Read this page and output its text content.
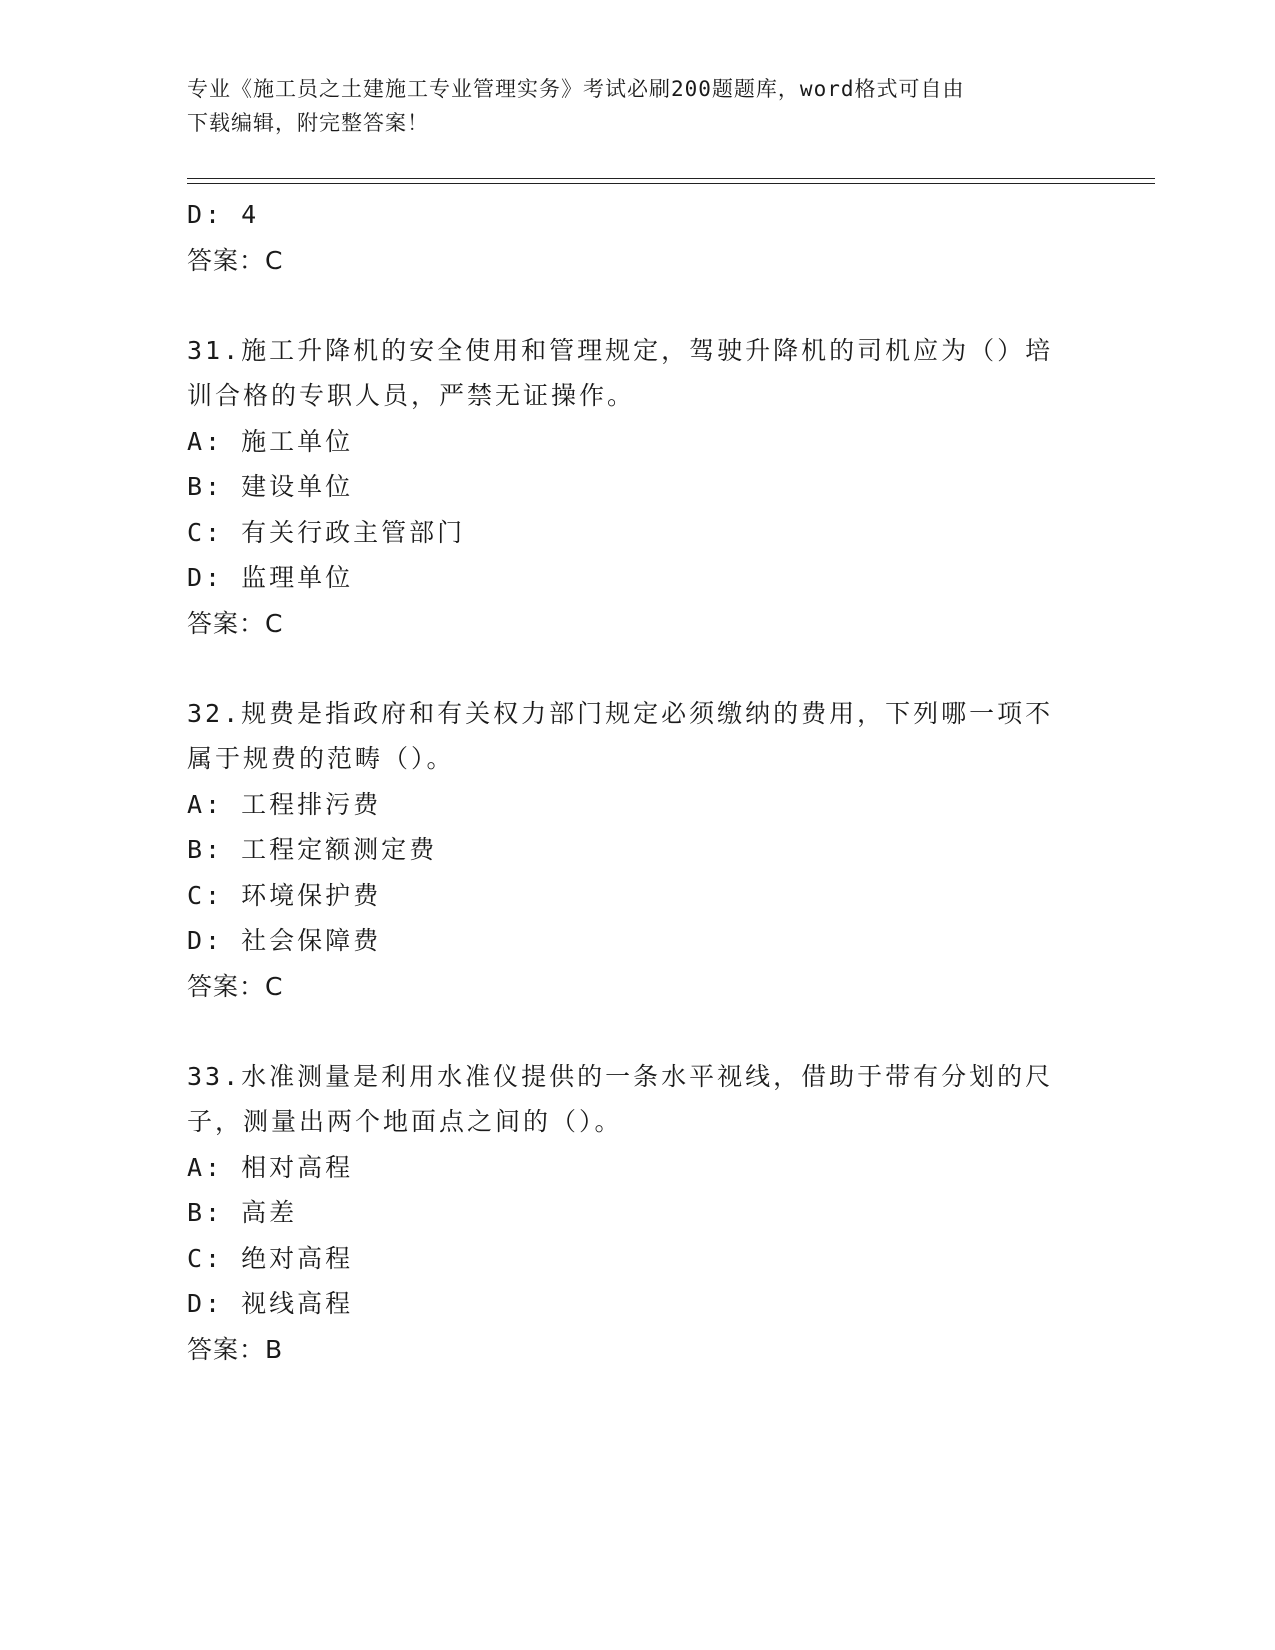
专业《施工员之土建施工专业管理实务》考试必刷200题题库，word格式可自由
下载编辑，附完整答案！
D: 4
答案：C
31.施工升降机的安全使用和管理规定，驾驶升降机的司机应为（）培
训合格的专职人员，严禁无证操作。
A: 施工单位
B: 建设单位
C: 有关行政主管部门
D: 监理单位
答案：C
32.规费是指政府和有关权力部门规定必须缴纳的费用，下列哪一项不
属于规费的范畴（）。
A: 工程排污费
B: 工程定额测定费
C: 环境保护费
D: 社会保障费
答案：C
33.水准测量是利用水准仪提供的一条水平视线，借助于带有分划的尺
子，测量出两个地面点之间的（）。
A: 相对高程
B: 高差
C: 绝对高程
D: 视线高程
答案：B
